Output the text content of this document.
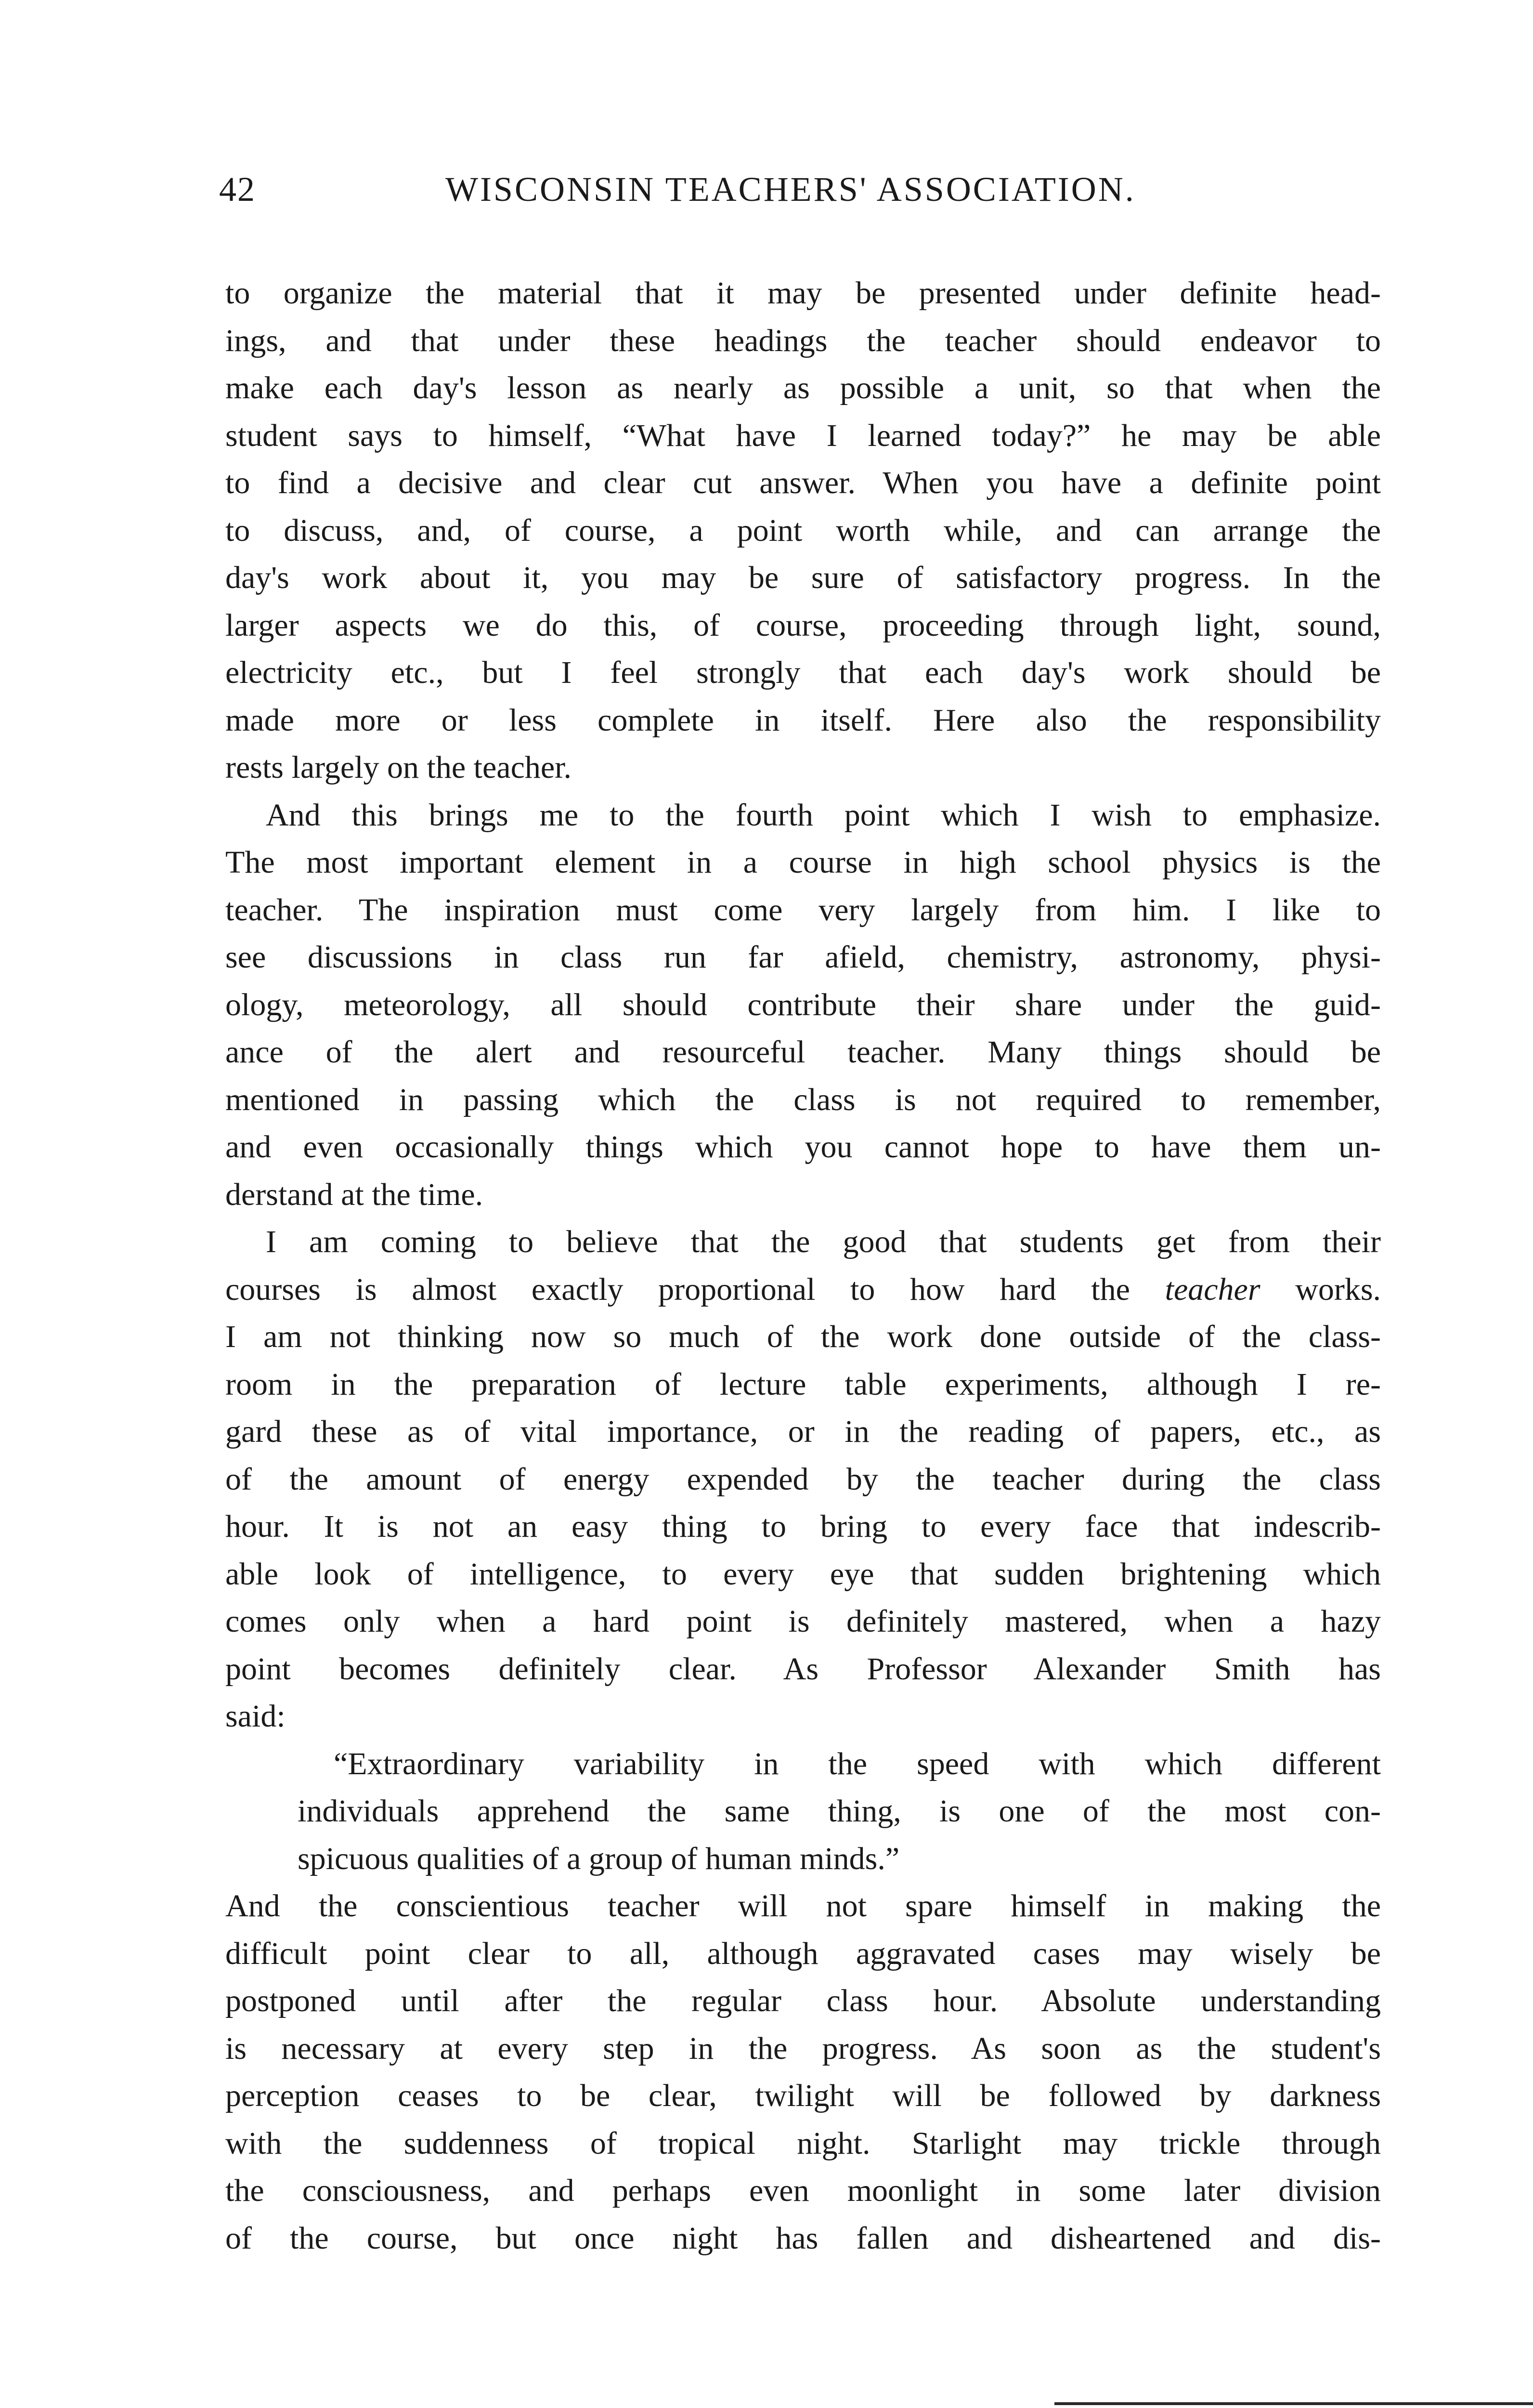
42	WISCONSIN TEACHERS' ASSOCIATION.
to organize the material that it may be presented under definite head-
ings, and that under these headings the teacher should endeavor to
make each day's lesson as nearly as possible a unit, so that when the
student says to himself, “What have I learned today?” he may be able
to find a decisive and clear cut answer. When you have a definite point
to discuss, and, of course, a point worth while, and can arrange the
day's work about it, you may be sure of satisfactory progress. In the
larger aspects we do this, of course, proceeding through light, sound,
electricity etc., but I feel strongly that each day's work should be
made more or less complete in itself. Here also the responsibility
rests largely on the teacher.
And this brings me to the fourth point which I wish to emphasize.
The most important element in a course in high school physics is the
teacher. The inspiration must come very largely from him. I like to
see discussions in class run far afield, chemistry, astronomy, physi-
ology, meteorology, all should contribute their share under the guid-
ance of the alert and resourceful teacher. Many things should be
mentioned in passing which the class is not required to remember,
and even occasionally things which you cannot hope to have them un-
derstand at the time.
I am coming to believe that the good that students get from their
courses is almost exactly proportional to how hard the teacher works.
I am not thinking now so much of the work done outside of the class-
room in the preparation of lecture table experiments, although I re-
gard these as of vital importance, or in the reading of papers, etc., as
of the amount of energy expended by the teacher during the class
hour. It is not an easy thing to bring to every face that indescrib-
able look of intelligence, to every eye that sudden brightening which
comes only when a hard point is definitely mastered, when a hazy
point becomes definitely clear. As Professor Alexander Smith has
said:
“Extraordinary variability in the speed with which different
individuals apprehend the same thing, is one of the most con-
spicuous qualities of a group of human minds.”
And the conscientious teacher will not spare himself in making the
difficult point clear to all, although aggravated cases may wisely be
postponed until after the regular class hour. Absolute understanding
is necessary at every step in the progress. As soon as the student's
perception ceases to be clear, twilight will be followed by darkness
with the suddenness of tropical night. Starlight may trickle through
the consciousness, and perhaps even moonlight in some later division
of the course, but once night has fallen and disheartened and dis-
